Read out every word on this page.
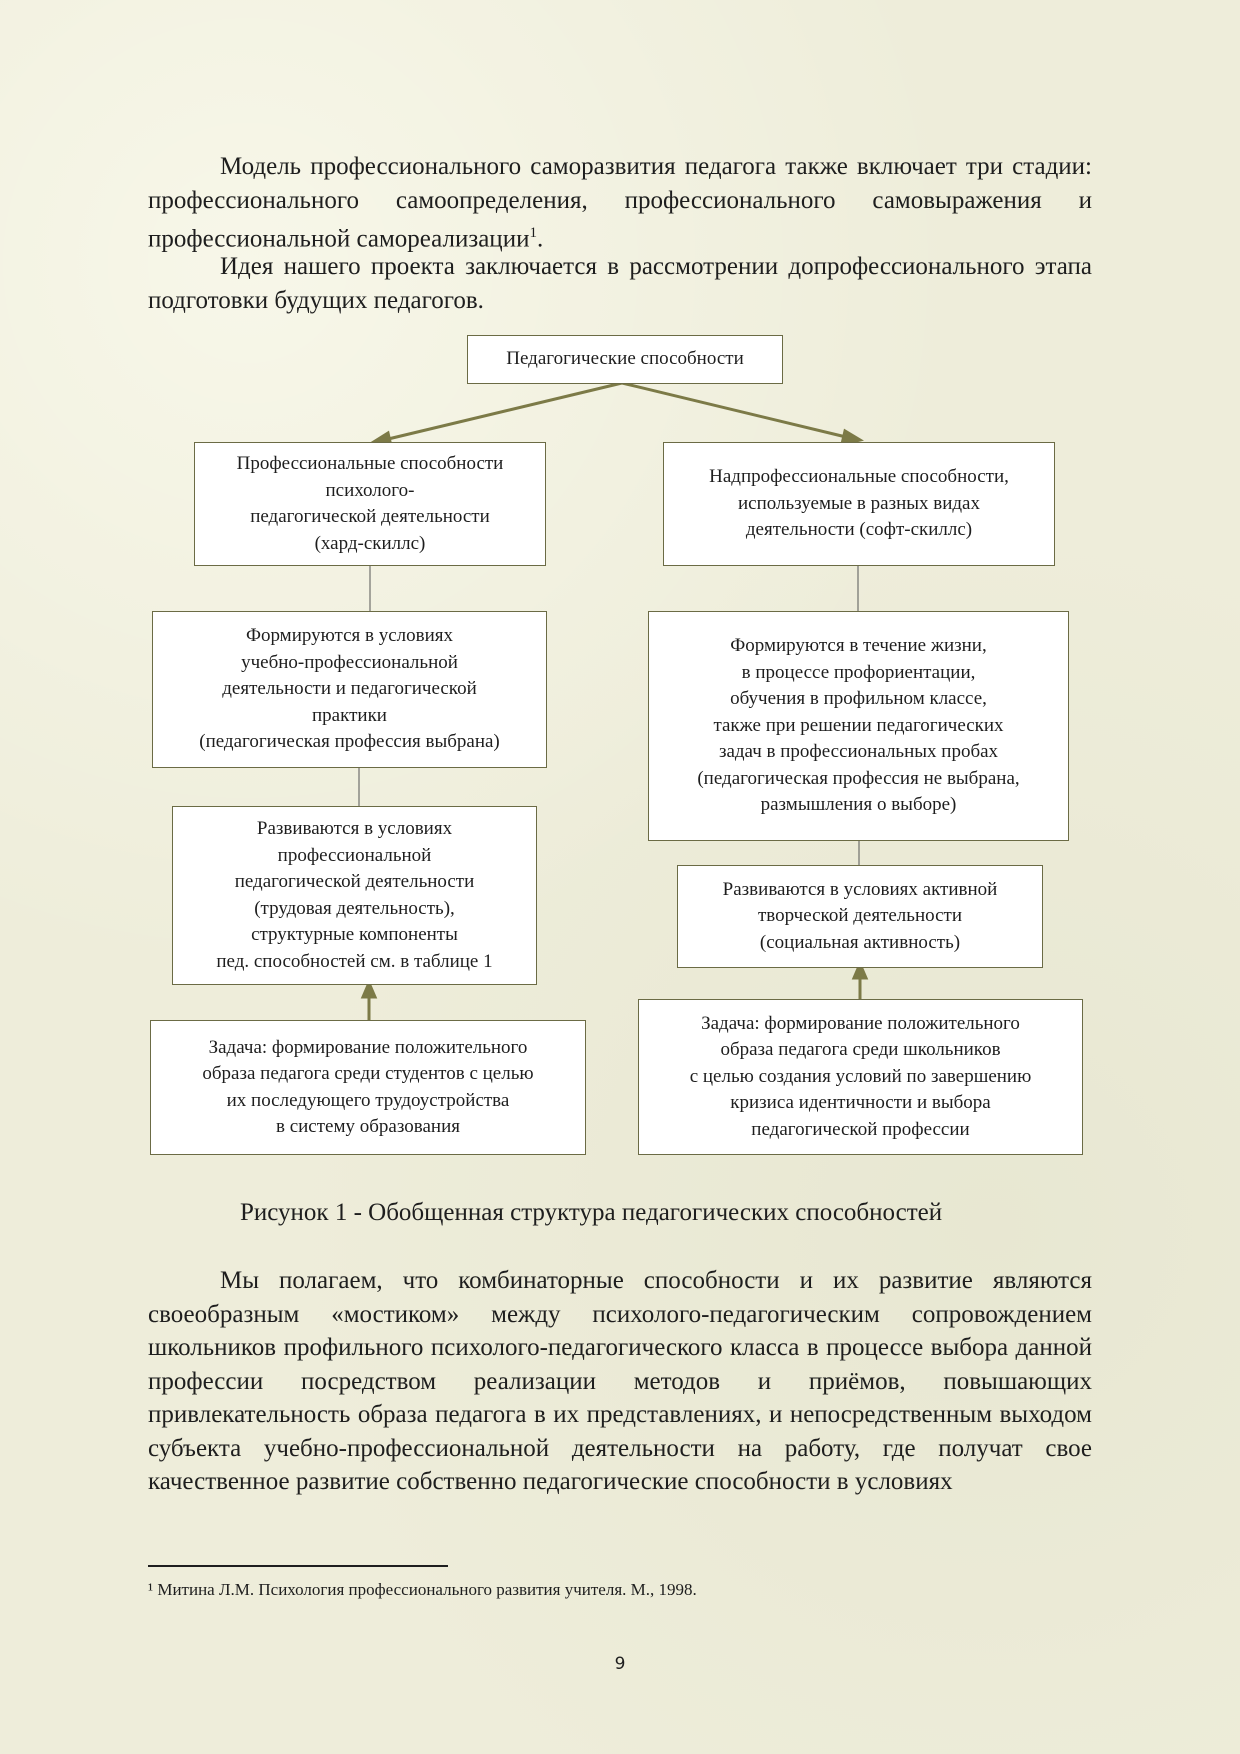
Модель профессионального саморазвития педагога также включает три стадии: профессионального самоопределения, профессионального самовыражения и профессиональной самореализации$^1$.

Идея нашего проекта заключается в рассмотрении допрофессионального этапа подготовки будущих педагогов.

Педагогические способности
Профессиональные способности
психолого-
педагогической деятельности
(хард-скиллс)
Надпрофессиональные способности,
используемые в разных видах
деятельности (софт-скиллс)
Формируются в условиях
учебно-профессиональной
деятельности и педагогической
практики
(педагогическая профессия выбрана)
Формируются в течение жизни,
в процессе профориентации,
обучения в профильном классе,
также при решении педагогических
задач в профессиональных пробах
(педагогическая профессия не выбрана,
размышления о выборе)
Развиваются в условиях
профессиональной
педагогической деятельности
(трудовая деятельность),
структурные компоненты
пед. способностей см. в таблице 1
Развиваются в условиях активной
творческой деятельности
(социальная активность)
Задача: формирование положительного
образа педагога среди студентов с целью
их последующего трудоустройства
в систему образования
Задача: формирование положительного
образа педагога среди школьников
с целью создания условий по завершению
кризиса идентичности и выбора
педагогической профессии

Рисунок 1 - Обобщенная структура педагогических способностей

Мы полагаем, что комбинаторные способности и их развитие являются своеобразным «мостиком» между психолого-педагогическим сопровождением школьников профильного психолого-педагогического класса в процессе выбора данной профессии посредством реализации методов и приёмов, повышающих привлекательность образа педагога в их представлениях, и непосредственным выходом субъекта учебно-профессиональной деятельности на работу, где получат свое качественное развитие собственно педагогические способности в условиях

¹ Митина Л.М. Психология профессионального развития учителя. М., 1998.

9
